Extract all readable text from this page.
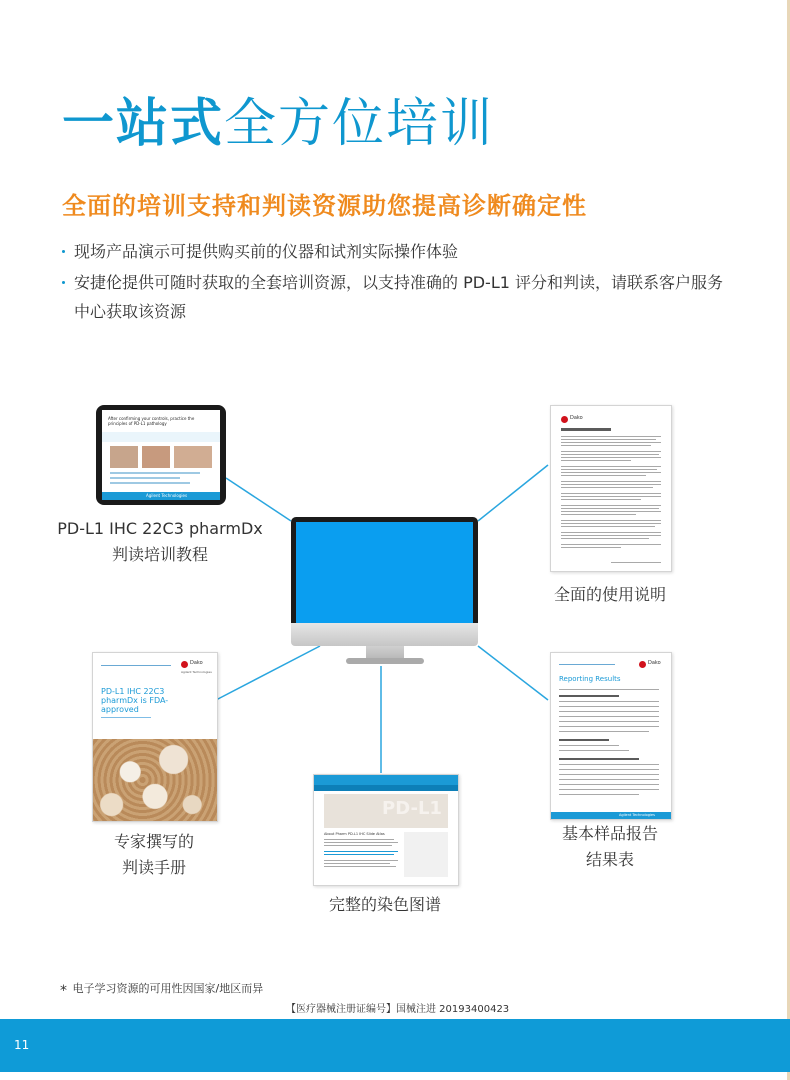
一站式全方位培训
全面的培训支持和判读资源助您提高诊断确定性
现场产品演示可提供购买前的仪器和试剂实际操作体验
安捷伦提供可随时获取的全套培训资源，以支持准确的 PD-L1 评分和判读，请联系客户服务中心获取该资源
After confirming your controls, practice the principles of PD-L1 pathology
Agilent Technologies
PD-L1 IHC 22C3 pharmDx
判读培训教程
Dako
全面的使用说明
Dako
Agilent Technologies
PD-L1 IHC 22C3 pharmDx is FDA-approved
专家撰写的
判读手册
PD-L1
About Pharm PD-L1 IHC Slide Atlas
完整的染色图谱
Dako
Reporting Results
Agilent Technologies
基本样品报告
结果表
* 电子学习资源的可用性因国家/地区而异
【医疗器械注册证编号】国械注进 20193400423
11
